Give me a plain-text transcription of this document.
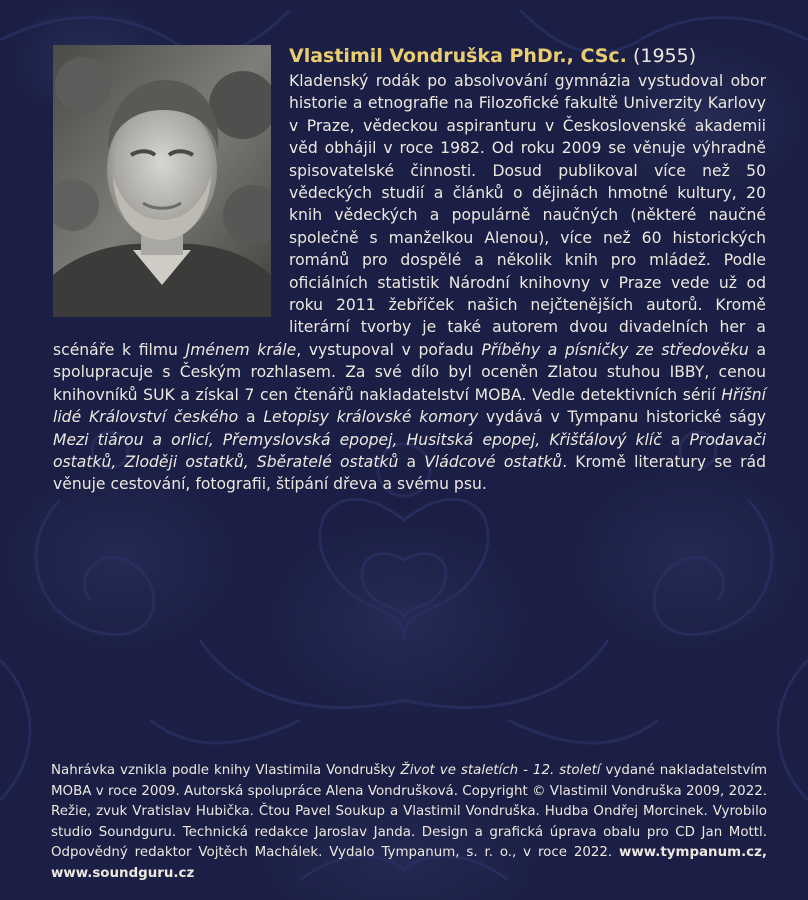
Vlastimil Vondruška PhDr., CSc. (1955)
Kladenský rodák po absolvování gymnázia vystudoval obor historie a etnografie na Filozofické fakultě Univerzity Karlovy v Praze, vědeckou aspiranturu v Československé akademii věd obhájil v roce 1982. Od roku 2009 se věnuje výhradně spisovatelské činnosti. Dosud publikoval více než 50 vědeckých studií a článků o dějinách hmotné kultury, 20 knih vědeckých a populárně naučných (některé naučné společně s manželkou Alenou), více než 60 historických románů pro dospělé a několik knih pro mládež. Podle oficiálních statistik Národní knihovny v Praze vede už od roku 2011 žebříček našich nejčtenějších autorů. Kromě literární tvorby je také autorem dvou divadelních her a scénáře k filmu Jménem krále, vystupoval v pořadu Příběhy a písničky ze středověku a spolupracuje s Českým rozhlasem. Za své dílo byl oceněn Zlatou stuhou IBBY, cenou knihovníků SUK a získal 7 cen čtenářů nakladatelství MOBA. Vedle detektivních sérií Hříšní lidé Království českého a Letopisy královské komory vydává v Tympanu historické ságy Mezi tiárou a orlicí, Přemyslovská epopej, Husitská epopej, Křišťálový klíč a Prodavači ostatků, Zloději ostatků, Sběratelé ostatků a Vládcové ostatků. Kromě literatury se rád věnuje cestování, fotografii, štípání dřeva a svému psu.
Nahrávka vznikla podle knihy Vlastimila Vondrušky Život ve staletích - 12. století vydané nakladatelstvím MOBA v roce 2009. Autorská spolupráce Alena Vondrušková. Copyright © Vlastimil Vondruška 2009, 2022. Režie, zvuk Vratislav Hubička. Čtou Pavel Soukup a Vlastimil Vondruška. Hudba Ondřej Morcinek. Vyrobilo studio Soundguru. Technická redakce Jaroslav Janda. Design a grafická úprava obalu pro CD Jan Mottl. Odpovědný redaktor Vojtěch Machálek. Vydalo Tympanum, s. r. o., v roce 2022. www.tympanum.cz, www.soundguru.cz
